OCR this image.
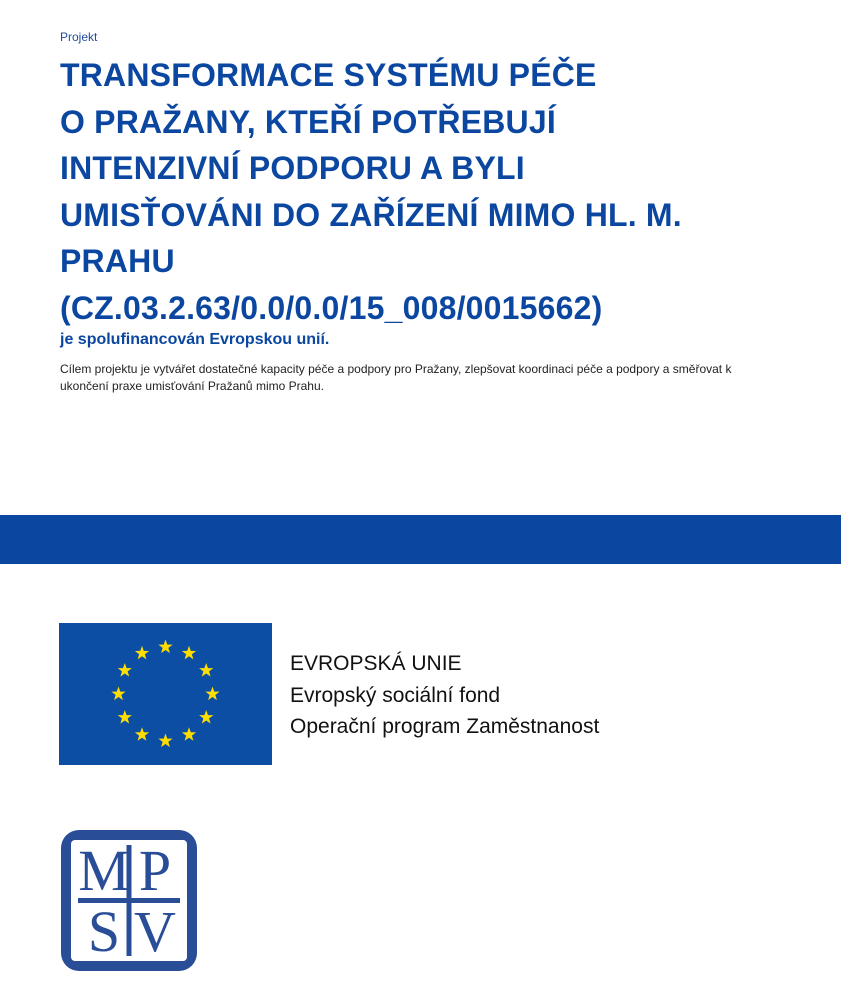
Projekt
TRANSFORMACE SYSTÉMU PÉČE
O PRAŽANY, KTEŘÍ POTŘEBUJÍ
INTENZIVNÍ PODPORU A BYLI
UMISŤOVÁNI DO ZAŘÍZENÍ MIMO HL. M.
PRAHU
(CZ.03.2.63/0.0/0.0/15_008/0015662)
je spolufinancován Evropskou unií.
Cílem projektu je vytvářet dostatečné kapacity péče a podpory pro Pražany, zlepšovat koordinaci péče a podpory a směřovat k ukončení praxe umisťování Pražanů mimo Prahu.
EVROPSKÁ UNIE
Evropský sociální fond
Operační program Zaměstnanost
M P
S V
